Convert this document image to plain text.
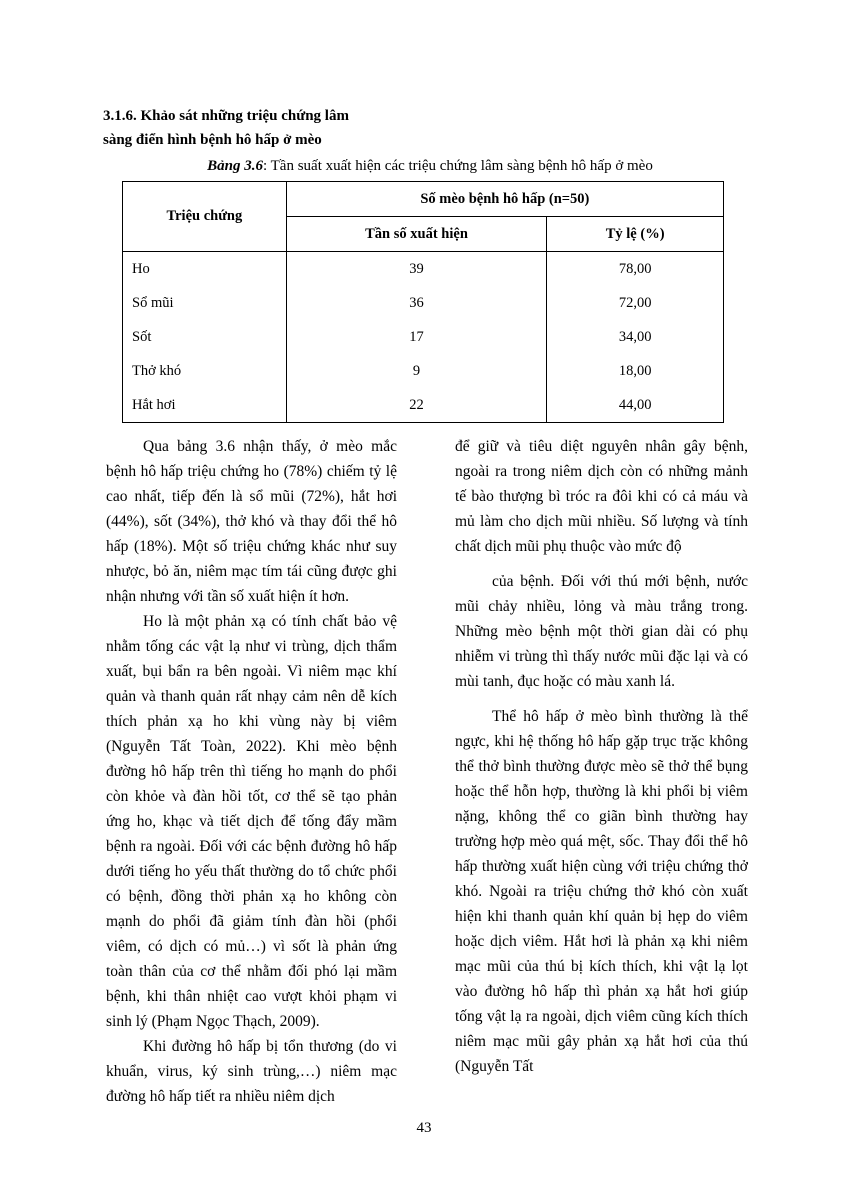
3.1.6. Khảo sát những triệu chứng lâm
sàng điển hình bệnh hô hấp ở mèo
Bảng 3.6: Tần suất xuất hiện các triệu chứng lâm sàng bệnh hô hấp ở mèo
Triệu chứng	Số mèo bệnh hô hấp (n=50)	
	Tần số xuất hiện	Tỷ lệ (%)
Ho	39	78,00
Sổ mũi	36	72,00
Sốt	17	34,00
Thở khó	9	18,00
Hắt hơi	22	44,00

Qua bảng 3.6 nhận thấy, ở mèo mắc bệnh hô hấp triệu chứng ho (78%) chiếm tỷ lệ cao nhất, tiếp đến là sổ mũi (72%), hắt hơi (44%), sốt (34%), thở khó và thay đổi thể hô hấp (18%). Một số triệu chứng khác như suy nhược, bỏ ăn, niêm mạc tím tái cũng được ghi nhận nhưng với tần số xuất hiện ít hơn.

Ho là một phản xạ có tính chất bảo vệ nhằm tống các vật lạ như vi trùng, dịch thẩm xuất, bụi bẩn ra bên ngoài. Vì niêm mạc khí quản và thanh quản rất nhạy cảm nên dễ kích thích phản xạ ho khi vùng này bị viêm (Nguyễn Tất Toàn, 2022). Khi mèo bệnh đường hô hấp trên thì tiếng ho mạnh do phổi còn khỏe và đàn hồi tốt, cơ thể sẽ tạo phản ứng ho, khạc và tiết dịch để tống đẩy mầm bệnh ra ngoài. Đối với các bệnh đường hô hấp dưới tiếng ho yếu thất thường do tổ chức phổi có bệnh, đồng thời phản xạ ho không còn mạnh do phổi đã giảm tính đàn hồi (phổi viêm, có dịch có mủ…) vì sốt là phản ứng toàn thân của cơ thể nhằm đối phó lại mầm bệnh, khi thân nhiệt cao vượt khỏi phạm vi sinh lý (Phạm Ngọc Thạch, 2009).

Khi đường hô hấp bị tổn thương (do vi khuẩn, virus, ký sinh trùng,…) niêm mạc đường hô hấp tiết ra nhiều niêm dịch

để giữ và tiêu diệt nguyên nhân gây bệnh, ngoài ra trong niêm dịch còn có những mảnh tế bào thượng bì tróc ra đôi khi có cả máu và mủ làm cho dịch mũi nhiều. Số lượng và tính chất dịch mũi phụ thuộc vào mức độ

của bệnh. Đối với thú mới bệnh, nước mũi chảy nhiều, lỏng và màu trắng trong. Những mèo bệnh một thời gian dài có phụ nhiễm vi trùng thì thấy nước mũi đặc lại và có mùi tanh, đục hoặc có màu xanh lá.

Thể hô hấp ở mèo bình thường là thể ngực, khi hệ thống hô hấp gặp trục trặc không thể thở bình thường được mèo sẽ thở thể bụng hoặc thể hỗn hợp, thường là khi phổi bị viêm nặng, không thể co giãn bình thường hay trường hợp mèo quá mệt, sốc. Thay đổi thể hô hấp thường xuất hiện cùng với triệu chứng thở khó. Ngoài ra triệu chứng thở khó còn xuất hiện khi thanh quản khí quản bị hẹp do viêm hoặc dịch viêm. Hắt hơi là phản xạ khi niêm mạc mũi của thú bị kích thích, khi vật lạ lọt vào đường hô hấp thì phản xạ hắt hơi giúp tống vật lạ ra ngoài, dịch viêm cũng kích thích niêm mạc mũi gây phản xạ hắt hơi của thú (Nguyễn Tất

43
